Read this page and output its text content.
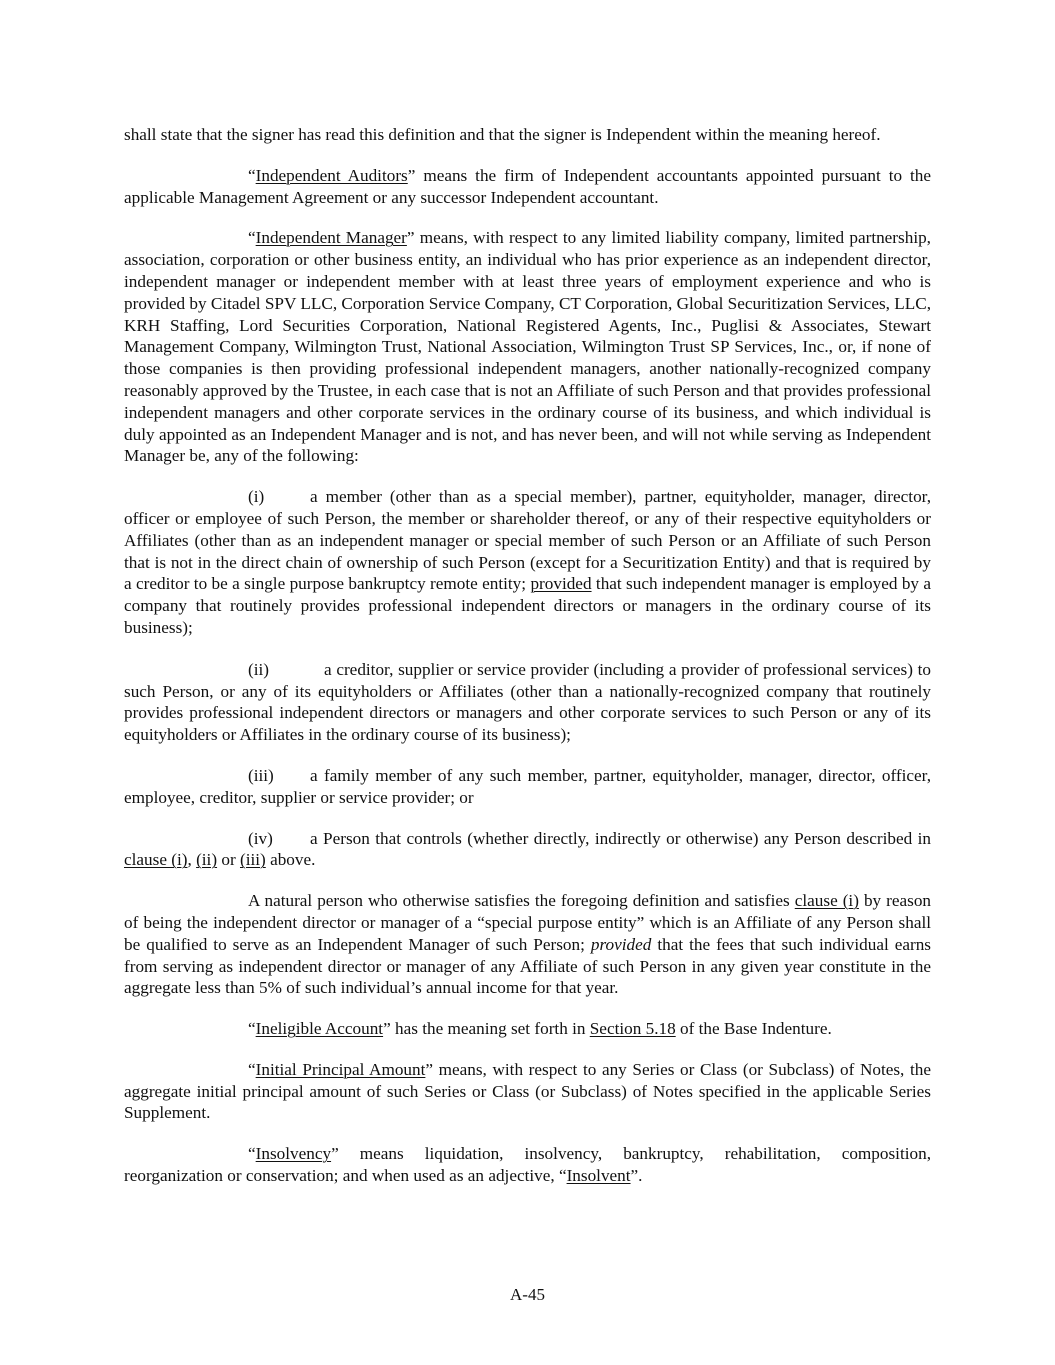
shall state that the signer has read this definition and that the signer is Independent within the meaning hereof.

“Independent Auditors” means the firm of Independent accountants appointed pursuant to the applicable Management Agreement or any successor Independent accountant.

“Independent Manager” means, with respect to any limited liability company, limited partnership, association, corporation or other business entity, an individual who has prior experience as an independent director, independent manager or independent member with at least three years of employment experience and who is provided by Citadel SPV LLC, Corporation Service Company, CT Corporation, Global Securitization Services, LLC, KRH Staffing, Lord Securities Corporation, National Registered Agents, Inc., Puglisi & Associates, Stewart Management Company, Wilmington Trust, National Association, Wilmington Trust SP Services, Inc., or, if none of those companies is then providing professional independent managers, another nationally-recognized company reasonably approved by the Trustee, in each case that is not an Affiliate of such Person and that provides professional independent managers and other corporate services in the ordinary course of its business, and which individual is duly appointed as an Independent Manager and is not, and has never been, and will not while serving as Independent Manager be, any of the following:

(i)	a member (other than as a special member), partner, equityholder, manager, director, officer or employee of such Person, the member or shareholder thereof, or any of their respective equityholders or Affiliates (other than as an independent manager or special member of such Person or an Affiliate of such Person that is not in the direct chain of ownership of such Person (except for a Securitization Entity) and that is required by a creditor to be a single purpose bankruptcy remote entity; provided that such independent manager is employed by a company that routinely provides professional independent directors or managers in the ordinary course of its business);

(ii)	a creditor, supplier or service provider (including a provider of professional services) to such Person, or any of its equityholders or Affiliates (other than a nationally-recognized company that routinely provides professional independent directors or managers and other corporate services to such Person or any of its equityholders or Affiliates in the ordinary course of its business);

(iii) a family member of any such member, partner, equityholder, manager, director, officer, employee, creditor, supplier or service provider; or

(iv) a Person that controls (whether directly, indirectly or otherwise) any Person described in clause (i), (ii) or (iii) above.

A natural person who otherwise satisfies the foregoing definition and satisfies clause (i) by reason of being the independent director or manager of a “special purpose entity” which is an Affiliate of any Person shall be qualified to serve as an Independent Manager of such Person; provided that the fees that such individual earns from serving as independent director or manager of any Affiliate of such Person in any given year constitute in the aggregate less than 5% of such individual’s annual income for that year.

“Ineligible Account” has the meaning set forth in Section 5.18 of the Base Indenture.

“Initial Principal Amount” means, with respect to any Series or Class (or Subclass) of Notes, the aggregate initial principal amount of such Series or Class (or Subclass) of Notes specified in the applicable Series Supplement.

“Insolvency” means liquidation, insolvency, bankruptcy, rehabilitation, composition, reorganization or conservation; and when used as an adjective, “Insolvent”.

A-45
